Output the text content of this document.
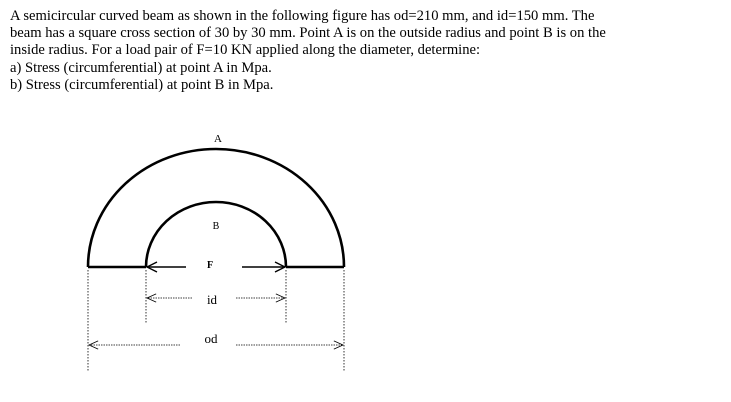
A semicircular curved beam as shown in the following figure has od=210 mm, and id=150 mm. The

beam has a square cross section of 30 by 30 mm. Point A is on the outside radius and point B is on the

inside radius. For a load pair of F=10 KN applied along the diameter, determine:

a) Stress (circumferential) at point A in Mpa.

b) Stress (circumferential) at point B in Mpa.

A
B
F
id
od
